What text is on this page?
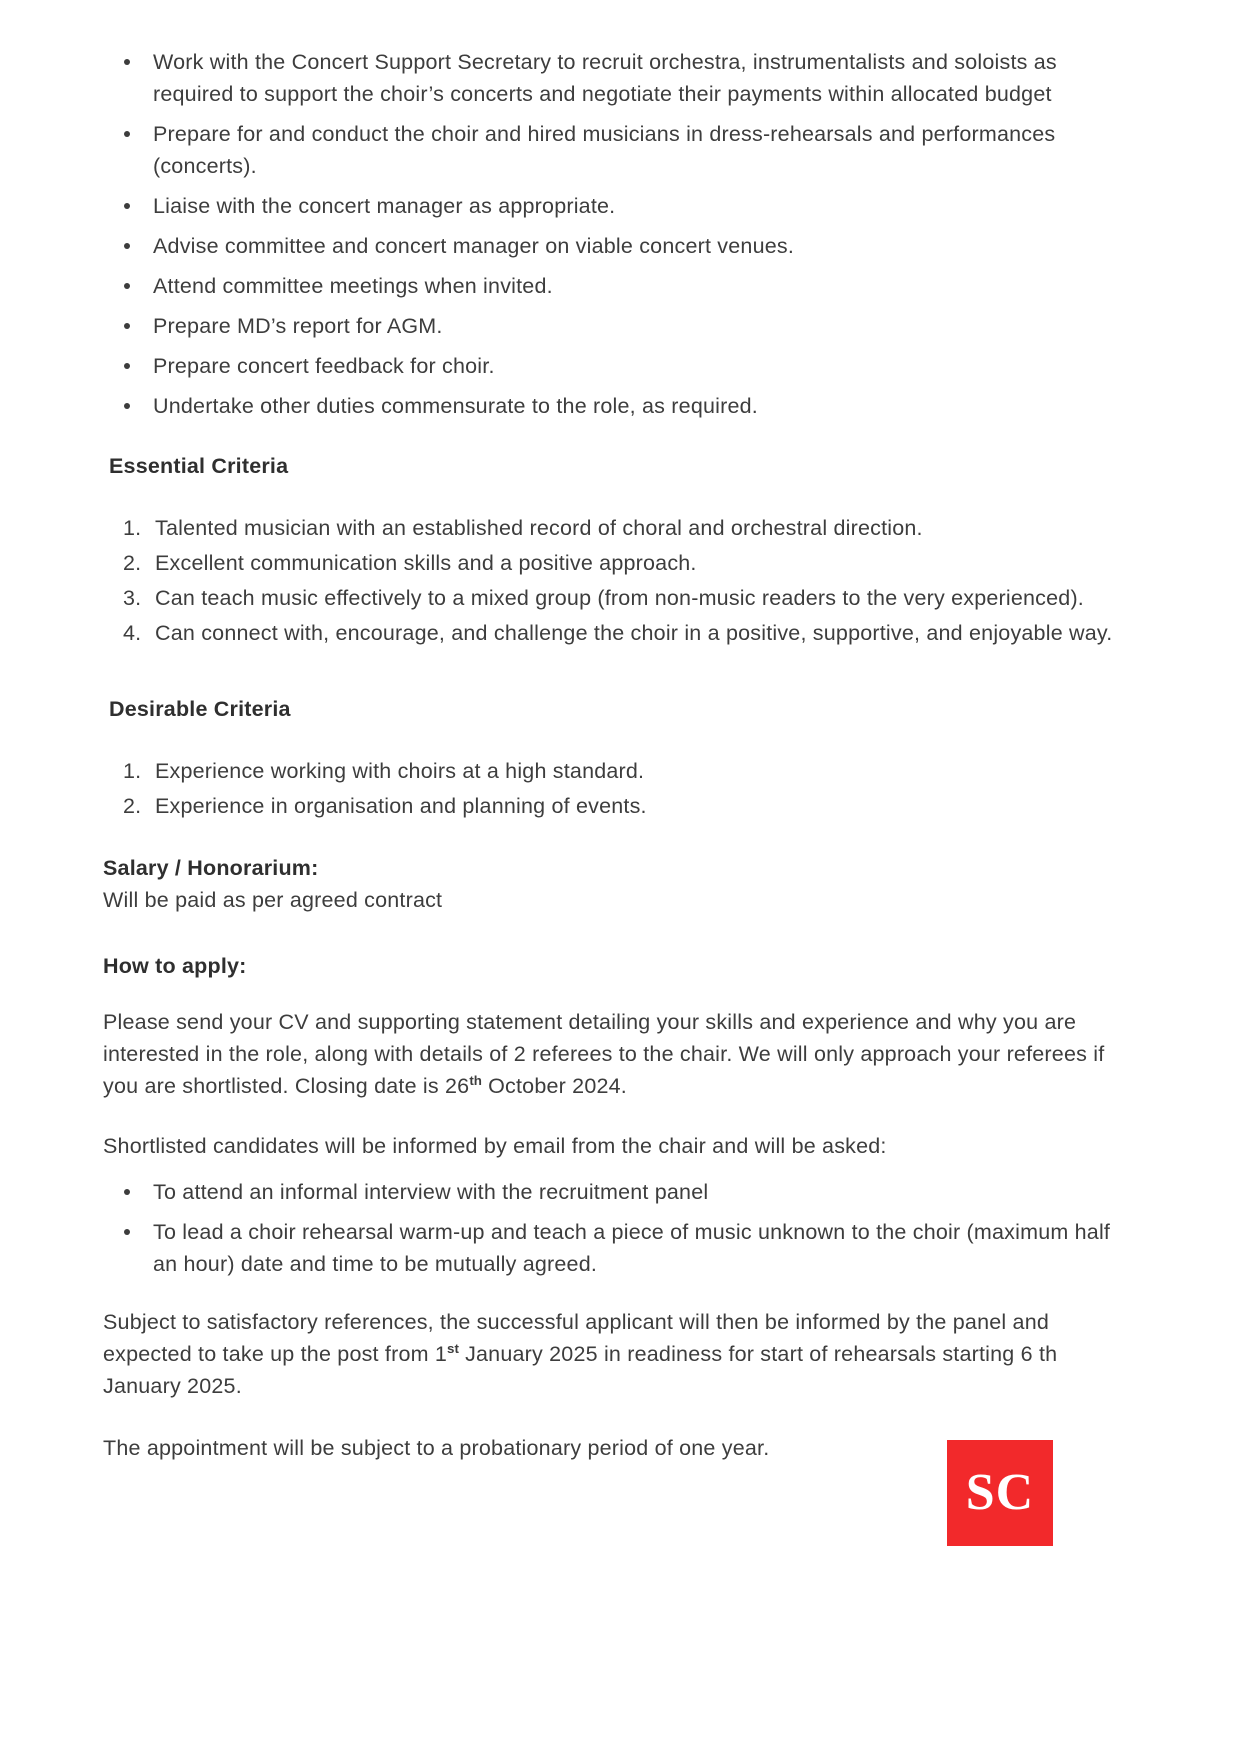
Work with the Concert Support Secretary to recruit orchestra, instrumentalists and soloists as required to support the choir’s concerts and negotiate their payments within allocated budget
Prepare for and conduct the choir and hired musicians in dress-rehearsals and performances (concerts).
Liaise with the concert manager as appropriate.
Advise committee and concert manager on viable concert venues.
Attend committee meetings when invited.
Prepare MD’s report for AGM.
Prepare concert feedback for choir.
Undertake other duties commensurate to the role, as required.
Essential Criteria
1. Talented musician with an established record of choral and orchestral direction.
2. Excellent communication skills and a positive approach.
3. Can teach music effectively to a mixed group (from non-music readers to the very experienced).
4. Can connect with, encourage, and challenge the choir in a positive, supportive, and enjoyable way.
Desirable Criteria
1. Experience working with choirs at a high standard.
2. Experience in organisation and planning of events.
Salary / Honorarium:

Will be paid as per agreed contract

How to apply:

Please send your CV and supporting statement detailing your skills and experience and why you are interested in the role, along with details of 2 referees to the chair. We will only approach your referees if you are shortlisted. Closing date is 26th October 2024.

Shortlisted candidates will be informed by email from the chair and will be asked:

To attend an informal interview with the recruitment panel
To lead a choir rehearsal warm-up and teach a piece of music unknown to the choir (maximum half an hour) date and time to be mutually agreed.

Subject to satisfactory references, the successful applicant will then be informed by the panel and expected to take up the post from 1st January 2025 in readiness for start of rehearsals starting 6 th January 2025.

The appointment will be subject to a probationary period of one year.

SC
